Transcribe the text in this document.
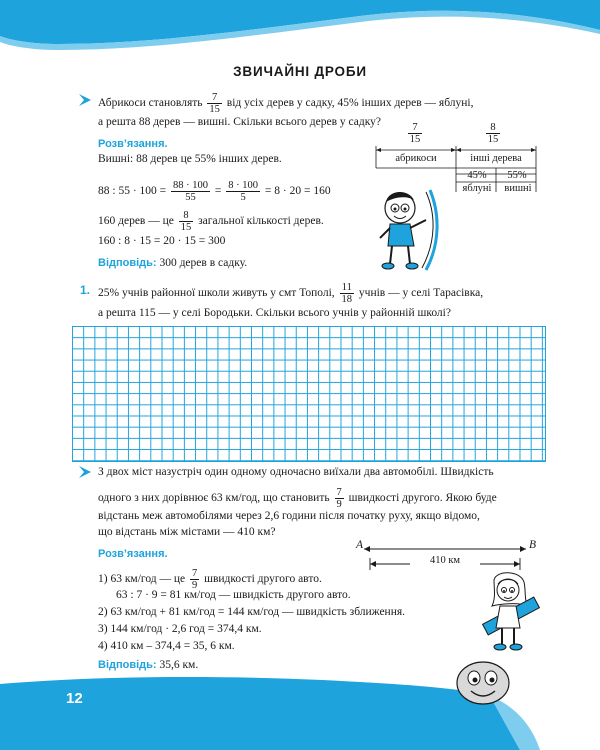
ЗВИЧАЙНІ ДРОБИ
Абрикоси становлять $\frac{7}{15}$ від усіх дерев у садку, 45% інших дерев — яблуні,
а решта 88 дерев — вишні. Скільки всього дерев у садку?
Розв’язання.
Вишні: 88 дерев це 55% інших дерев.
88 : $55 \cdot 100 = \frac{88 \cdot 100}{55} = \frac{8 \cdot 100}{5} = 8 \cdot 20 = 160$
160 дерев — це $\frac{8}{15}$ загальної кількості дерев.
160 : 8 · 15 = 20 · 15 = 300
Відповідь: 300 дерев в садку.
$\frac{7}{15}$	$\frac{8}{15}$
абрикоси	інші дерева
45%	55%
яблуні	вишні
1. 25% учнів районної школи живуть у смт Тополі, $\frac{11}{18}$ учнів — у селі Тарасівка,
а решта 115 — у селі Бородьки. Скільки всього учнів у районній школі?
З двох міст назустріч один одному одночасно виїхали два автомобілі. Швидкість
одного з них дорівнює 63 км/год, що становить $\frac{7}{9}$ швидкості другого. Якою буде
відстань меж автомобілями через 2,6 години після початку руху, якщо відомо,
що відстань між містами — 410 км?
Розв’язання.
1) 63 км/год — це $\frac{7}{9}$ швидкості другого авто.
63 : 7 · 9 = 81 км/год — швидкість другого авто.
2) 63 км/год + 81 км/год = 144 км/год — швидкість зближення.
3) 144 км/год · 2,6 год = 374,4 км.
4) 410 км – 374,4 = 35, 6 км.
Відповідь: 35,6 км.
A	B
410 км
12
